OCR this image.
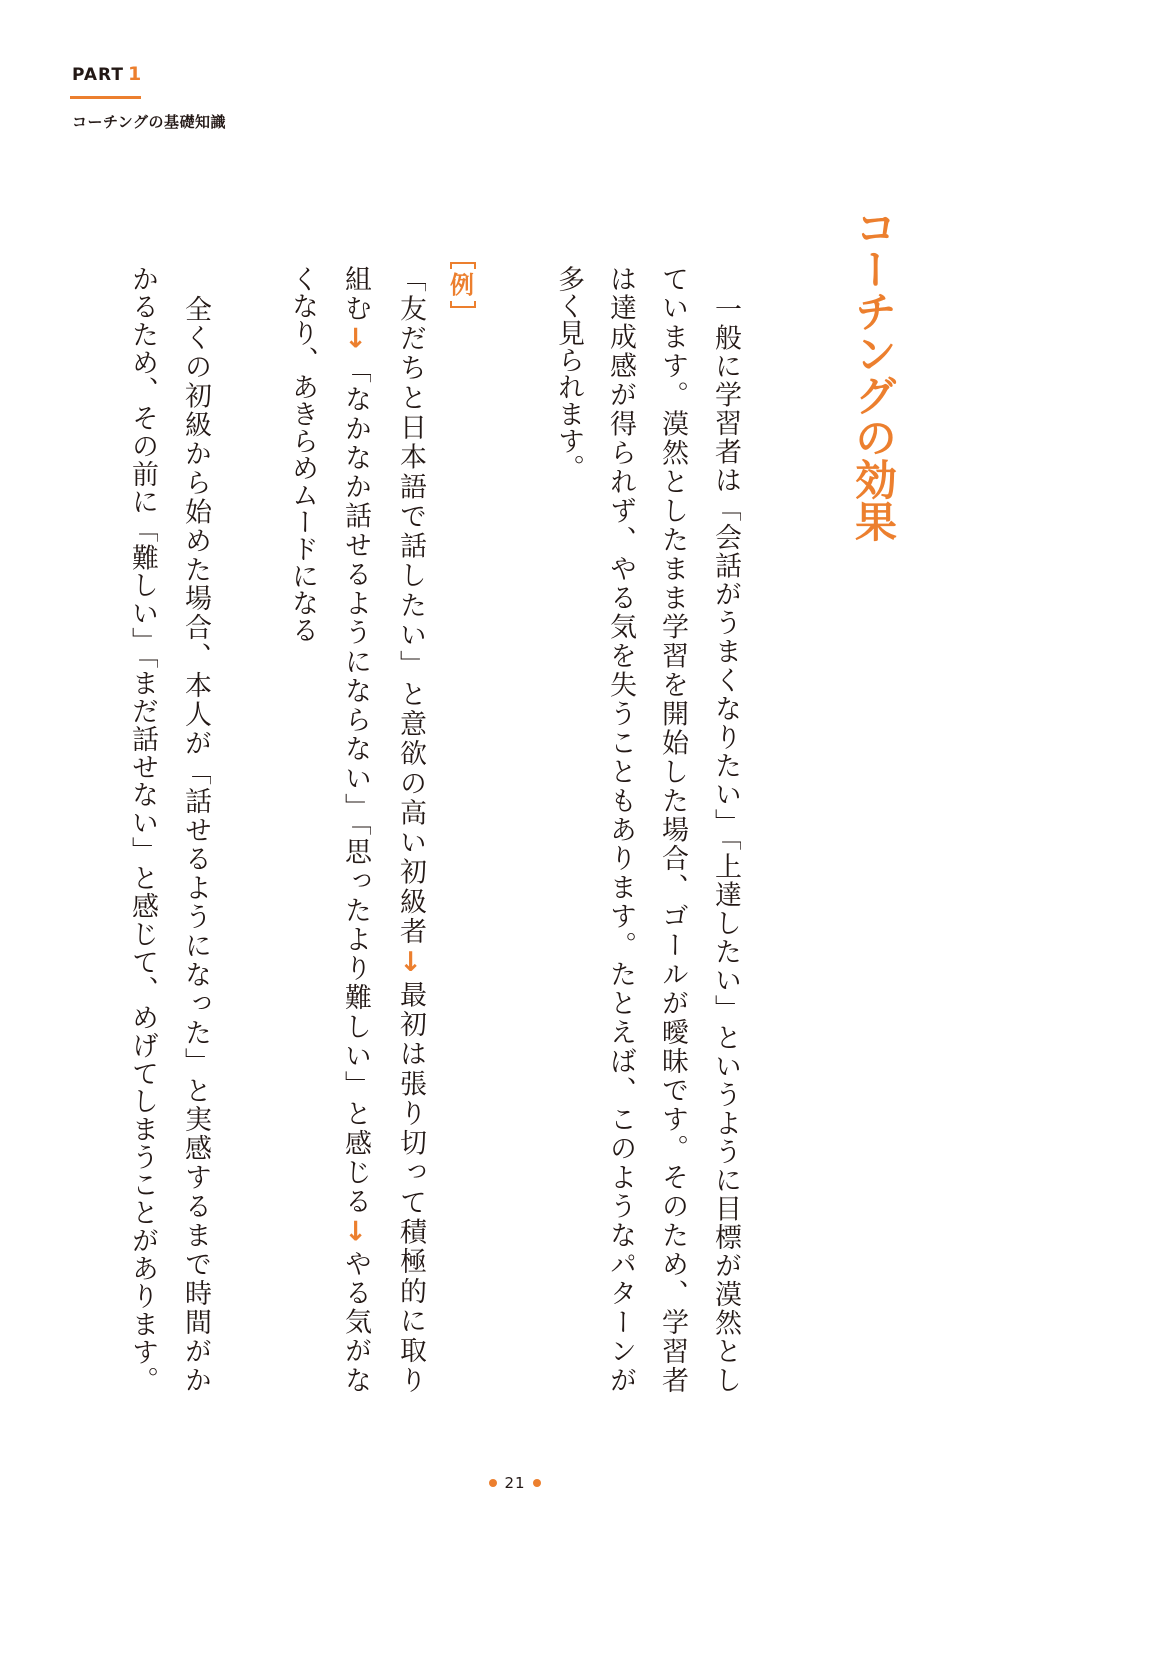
PART 1
コーチングの基礎知識
コーチングの効果
一般に学習者は「会話がうまくなりたい」「上達したい」というように目標が漠然とし
ています。漠然としたまま学習を開始した場合、ゴールが曖昧です。そのため、学習者
は達成感が得られず、やる気を失うこともあります。たとえば、このようなパターンが
多く見られます。
例
「友だちと日本語で話したい」と意欲の高い初級者↓最初は張り切って積極的に取り
組む↓「なかなか話せるようにならない」「思ったより難しい」と感じる↓やる気がな
くなり、あきらめムードになる
全くの初級から始めた場合、本人が「話せるようになった」と実感するまで時間がか
かるため、その前に「難しい」「まだ話せない」と感じて、めげてしまうことがあります。
21
